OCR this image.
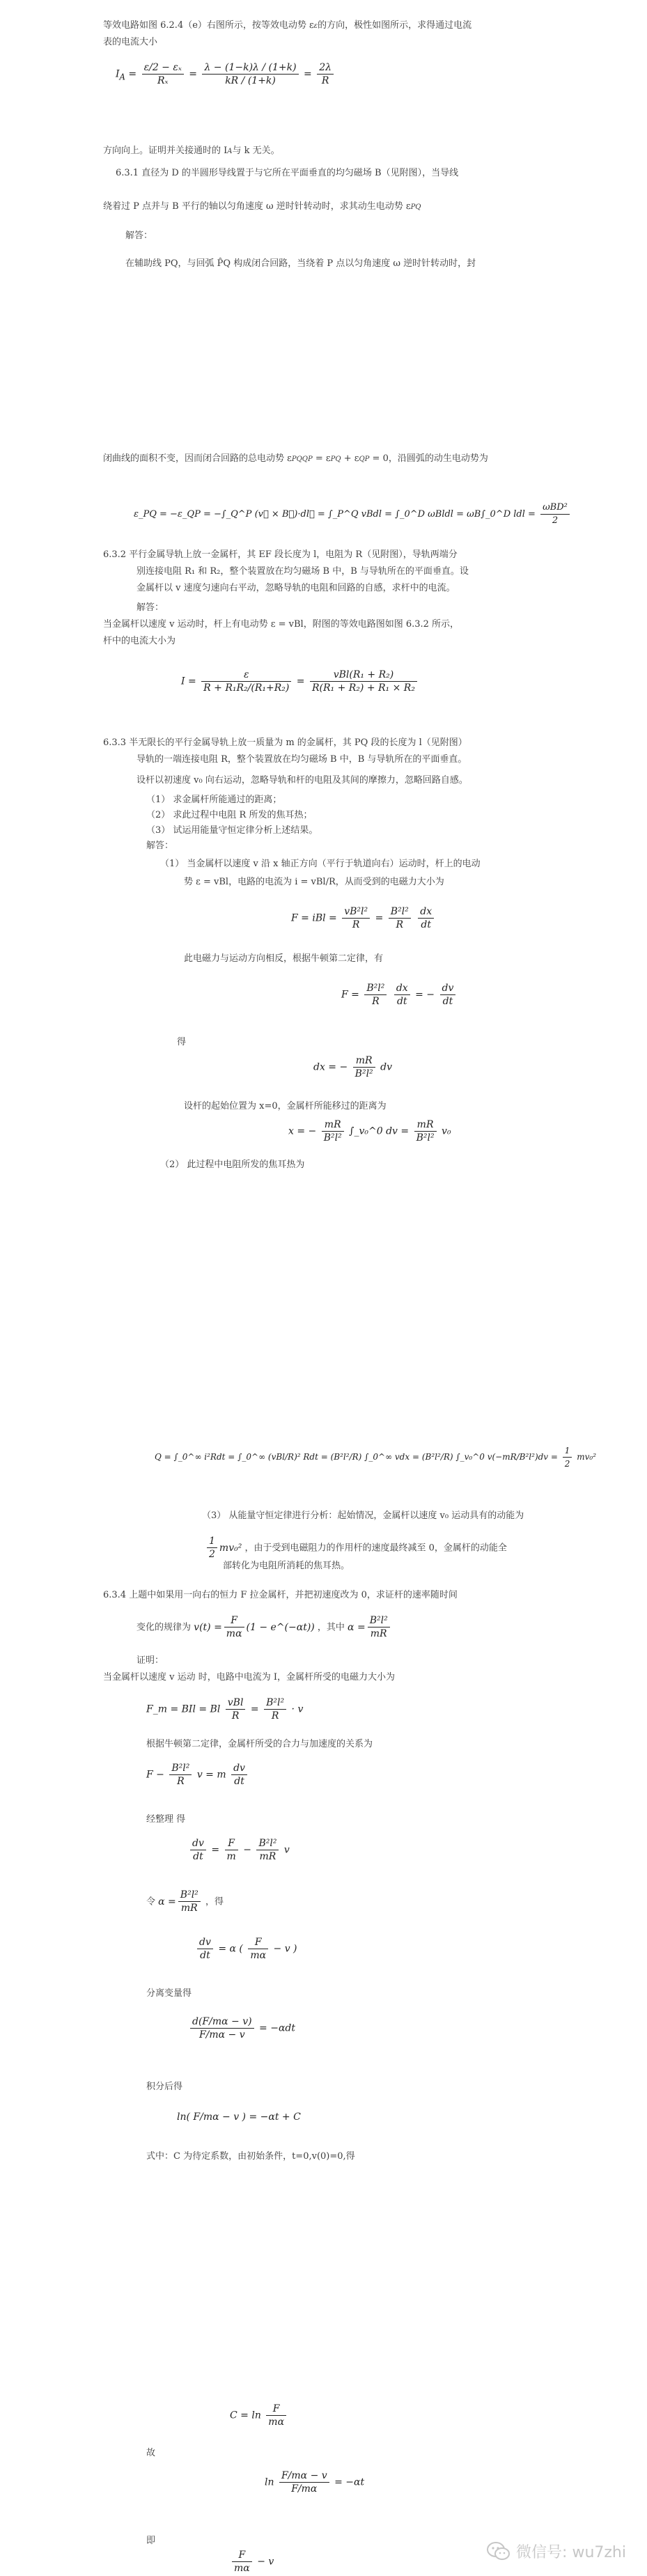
等效电路如图 6.2.4（e）右图所示，按等效电动势 εε的方向，极性如图所示，求得通过电流
表的电流大小
$I_A = \frac{\text{ε/2 − εₓ}}{\text{Rₓ}} = \frac{\lambda - (1-k)\lambda / (1+k)}{kR / (1+k)} = \frac{2\lambda}{R}$
方向向上。证明并关接通时的 IA与 k 无关。
6.3.1 直径为 D 的半圆形导线置于与它所在平面垂直的均匀磁场 B（见附图），当导线
绕着过 P 点并与 B 平行的轴以匀角速度 ω 逆时针转动时，求其动生电动势 εPQ
解答：
在辅助线 PQ，与回弧 P̂Q 构成闭合回路，当绕着 P 点以匀角速度 ω 逆时针转动时，封
闭曲线的面积不变，因而闭合回路的总电动势 εPQQP = εPQ + εQP = 0，沿圆弧的动生电动势为
ε_PQ = −ε_QP = −∫_Q^P (v⃗ × B⃗)·dl⃗ = ∫_P^Q vBdl = ∫_0^D ωBldl = ωB∫_0^D ldl = $\frac{\text{ωBD²}}{2}$
6.3.2 平行金属导轨上放一金属杆，其 EF 段长度为 l，电阻为 R（见附图），导轨两端分
别连接电阻 R₁ 和 R₂，整个装置放在均匀磁场 B 中，B 与导轨所在的平面垂直。设
金属杆以 v 速度匀速向右平动，忽略导轨的电阻和回路的自感，求杆中的电流。
解答：
当金属杆以速度 v 运动时，杆上有电动势 ε = vBl，附图的等效电路图如图 6.3.2 所示，
杆中的电流大小为
$I = \frac{\varepsilon}{\text{R + R₁R₂/(R₁+R₂)}} = \frac{\text{vBl(R₁ + R₂)}}{\text{R(R₁ + R₂) + R₁ × R₂}}$
6.3.3 半无限长的平行金属导轨上放一质量为 m 的金属杆，其 PQ 段的长度为 l（见附图）
导轨的一端连接电阻 R，整个装置放在均匀磁场 B 中，B 与导轨所在的平面垂直。
设杆以初速度 v₀ 向右运动，忽略导轨和杆的电阻及其间的摩擦力，忽略回路自感。
（1） 求金属杆所能通过的距离；
（2） 求此过程中电阻 R 所发的焦耳热；
（3） 试运用能量守恒定律分析上述结果。
解答：
（1） 当金属杆以速度 v 沿 x 轴正方向（平行于轨道向右）运动时，杆上的电动
势 ε = vBl，电路的电流为 i = vBl/R，从而受到的电磁力大小为
F = iBl = $\frac{\text{vB²l²}}{R} = \frac{\text{B²l²}}{R}$
$\frac{dx}{dt}$
此电磁力与运动方向相反，根据牛顿第二定律，有
$F = \frac{\text{B²l²}}{R}$
$\frac{dx}{dt}$ = − $\frac{dv}{dt}$
得
dx = − $\frac{mR}{\text{B²l²}}$ dv
设杆的起始位置为 x=0，金属杆所能移过的距离为
x = − $\frac{mR}{\text{B²l²}}$ ∫_v₀^0 dv = $\frac{mR}{\text{B²l²}} v_0$
（2） 此过程中电阻所发的焦耳热为
Q = ∫_0^∞ i²Rdt = ∫_0^∞ (vBl/R)² Rdt = (B²l²/R) ∫_0^∞ vdx = (B²l²/R) ∫_v₀^0 $v(-mR/B^2l^2)dv = \frac{1}{2} mv_0^2$
（3） 从能量守恒定律进行分析：起始情况，金属杆以速度 v₀ 运动具有的动能为
$\frac{1}{2} mv_0^2$ ，由于受到电磁阻力的作用杆的速度最终减至 0，金属杆的动能全
部转化为电阻所消耗的焦耳热。
6.3.4 上题中如果用一向右的恒力 F 拉金属杆，并把初速度改为 0，求证杆的速率随时间
变化的规律为 $v(t) = \frac{F}{m\alpha} (1$ − e^(−αt)) ，其中 $\alpha = \frac{\text{B²l²}}{mR}$
证明：
当金属杆以速度 v 运动 时，电路中电流为 I，金属杆所受的电磁力大小为
F_m = BIl = Bl $\frac{\text{vBl}}{R} = \frac{\text{B²l²}}{R} \cdot v$
根据牛顿第二定律，金属杆所受的合力与加速度的关系为
$F - \frac{\text{B²l²}}{R}$ v = m $\frac{dv}{dt}$
经整理 得
$\frac{dv}{dt} = \frac{F}{m} - \frac{\text{B²l²}}{mR}$ v
令 $\alpha = \frac{\text{B²l²}}{mR}$ ，得
$\frac{dv}{dt} = \alpha$ ( $\frac{F}{m\alpha} - v$ )
分离变量得
$\frac{d(F/m\alpha - v)}{F/m\alpha - v} = -\alpha dt$
积分后得
ln( F/mα − v ) = −αt + C
式中：C 为待定系数，由初始条件，t=0,v(0)=0,得
$C = \ln \frac{F}{m\alpha}$
故
$\ln \frac{F/m\alpha - v}{F/m\alpha} = -\alpha t$
即
$\frac{F}{m\alpha} - v$
微信号: wu7zhi
